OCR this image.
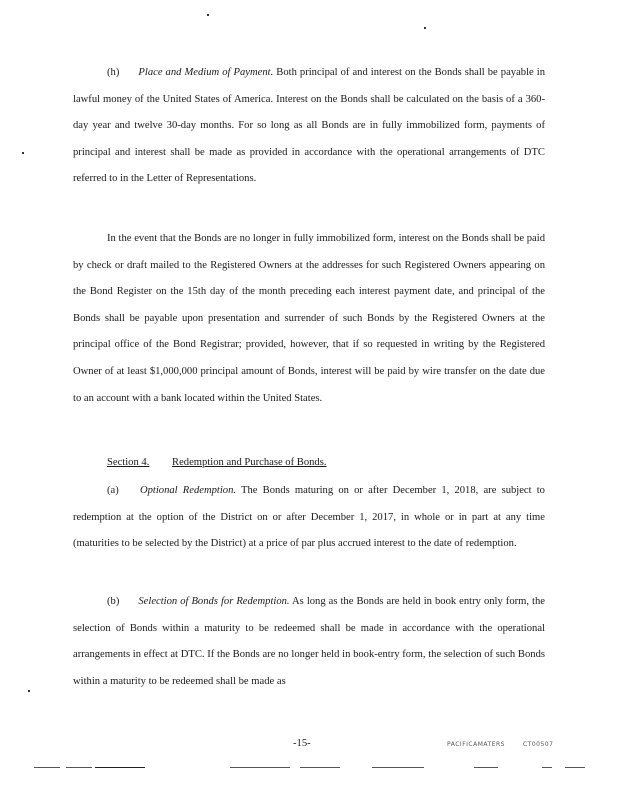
(h) Place and Medium of Payment. Both principal of and interest on the Bonds shall be payable in lawful money of the United States of America. Interest on the Bonds shall be calculated on the basis of a 360-day year and twelve 30-day months. For so long as all Bonds are in fully immobilized form, payments of principal and interest shall be made as provided in accordance with the operational arrangements of DTC referred to in the Letter of Representations.

In the event that the Bonds are no longer in fully immobilized form, interest on the Bonds shall be paid by check or draft mailed to the Registered Owners at the addresses for such Registered Owners appearing on the Bond Register on the 15th day of the month preceding each interest payment date, and principal of the Bonds shall be payable upon presentation and surrender of such Bonds by the Registered Owners at the principal office of the Bond Registrar; provided, however, that if so requested in writing by the Registered Owner of at least $1,000,000 principal amount of Bonds, interest will be paid by wire transfer on the date due to an account with a bank located within the United States.

Section 4. Redemption and Purchase of Bonds.

(a) Optional Redemption. The Bonds maturing on or after December 1, 2018, are subject to redemption at the option of the District on or after December 1, 2017, in whole or in part at any time (maturities to be selected by the District) at a price of par plus accrued interest to the date of redemption.

(b) Selection of Bonds for Redemption. As long as the Bonds are held in book entry only form, the selection of Bonds within a maturity to be redeemed shall be made in accordance with the operational arrangements in effect at DTC. If the Bonds are no longer held in book-entry form, the selection of such Bonds within a maturity to be redeemed shall be made as

-15-	PACIFICAMATERS	CT00507
